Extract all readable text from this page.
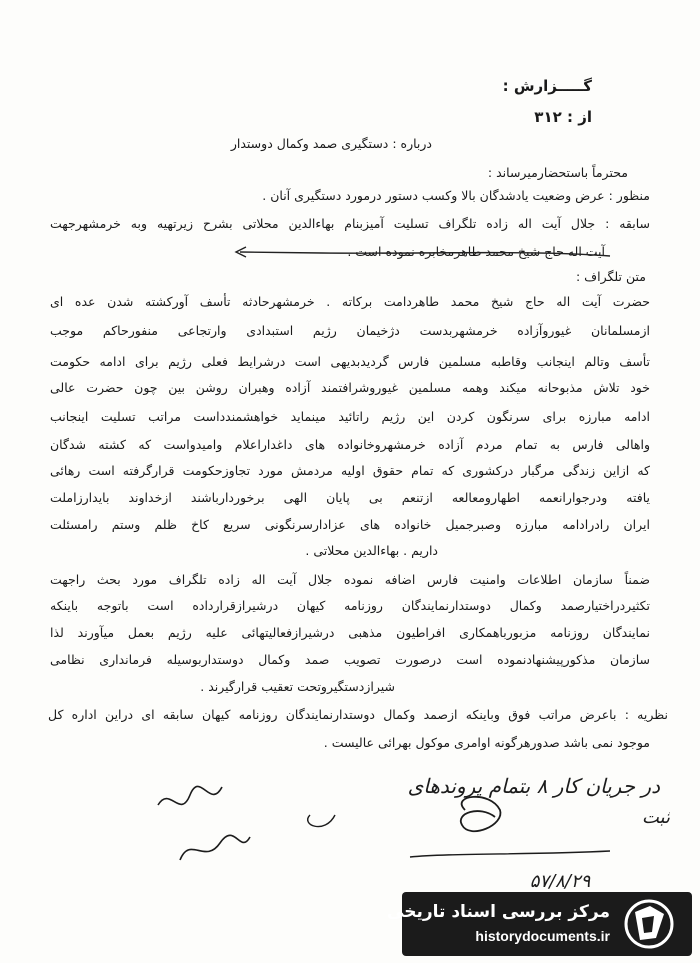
گـــــزارش :
از : ۳۱۲
درباره : دستگیری صمد وکمال دوستدار
محترماً باستحضارمیرساند :
منظور : عرض وضعیت یادشدگان بالا وکسب دستور درمورد دستگیری آنان .
سابقه : جلال آیت اله زاده تلگراف تسلیت آمیزبنام بهاءالدین محلاتی بشرح زیرتهیه وبه خرمشهرجهت
آیت اله حاج شیخ محمد طاهرمخابره نموده است .
متن تلگراف :
حضرت آیت اله حاج شیخ محمد طاهردامت برکاته . خرمشهرحادثه تأسف آورکشته شدن عده ای
ازمسلمانان غیوروآزاده خرمشهربدست دژخیمان رژیم استبدادی وارتجاعی منفورحاکم موجب
تأسف وتالم اینجانب وقاطبه مسلمین فارس گردیدبدیهی است درشرایط فعلی رژیم برای ادامه حکومت
خود تلاش مذبوحانه میکند وهمه مسلمین غیوروشرافتمند آزاده وهبران روشن بین چون حضرت عالی
ادامه مبارزه برای سرنگون کردن این رژیم راتائید مینماید خواهشمندداست مراتب تسلیت اینجانب
واهالی فارس به تمام مردم آزاده خرمشهروخانواده های داغداراعلام وامیدواست که کشته شدگان
که ازاین زندگی مرگبار درکشوری که تمام حقوق اولیه مردمش مورد تجاوزحکومت قرارگرفته است رهائی
یافته ودرجوارانعمه اطهارومعالعه ازتنعم بی پایان الهی برخوردارباشند ازخداوند بایدارزاملت
ایران رادرادامه مبارزه وصبرجمیل خانواده های عزادارسرنگونی سریع کاخ ظلم وستم رامسئلت
داریم . بهاءالدین محلاتی .
ضمناً سازمان اطلاعات وامنیت فارس اضافه نموده جلال آیت اله زاده تلگراف مورد بحث راجهت
تکثیردراختیارصمد وکمال دوستدارنمایندگان روزنامه کیهان درشیرازقرارداده است باتوجه باینکه
نمایندگان روزنامه مزبورباهمکاری افراطیون مذهبی درشیرازفعالیتهائی علیه رژیم بعمل میآورند لذا
سازمان مذکورپیشنهادنموده است درصورت تصویب صمد وکمال دوستداربوسیله فرمانداری نظامی
شیرازدستگیروتحت تعقیب قرارگیرند .
نظریه : باعرض مراتب فوق وباینکه ازصمد وکمال دوستدارنمایندگان روزنامه کیهان سابقه ای دراین اداره کل
موجود نمی باشد صدورهرگونه اوامری موکول بهرائی عالیست .
در جریان کار ۸ بتمام پروندهای
ثبت
۵۷/۸/۲۹
مرکز بررسی اسناد تاریخی
historydocuments.ir
